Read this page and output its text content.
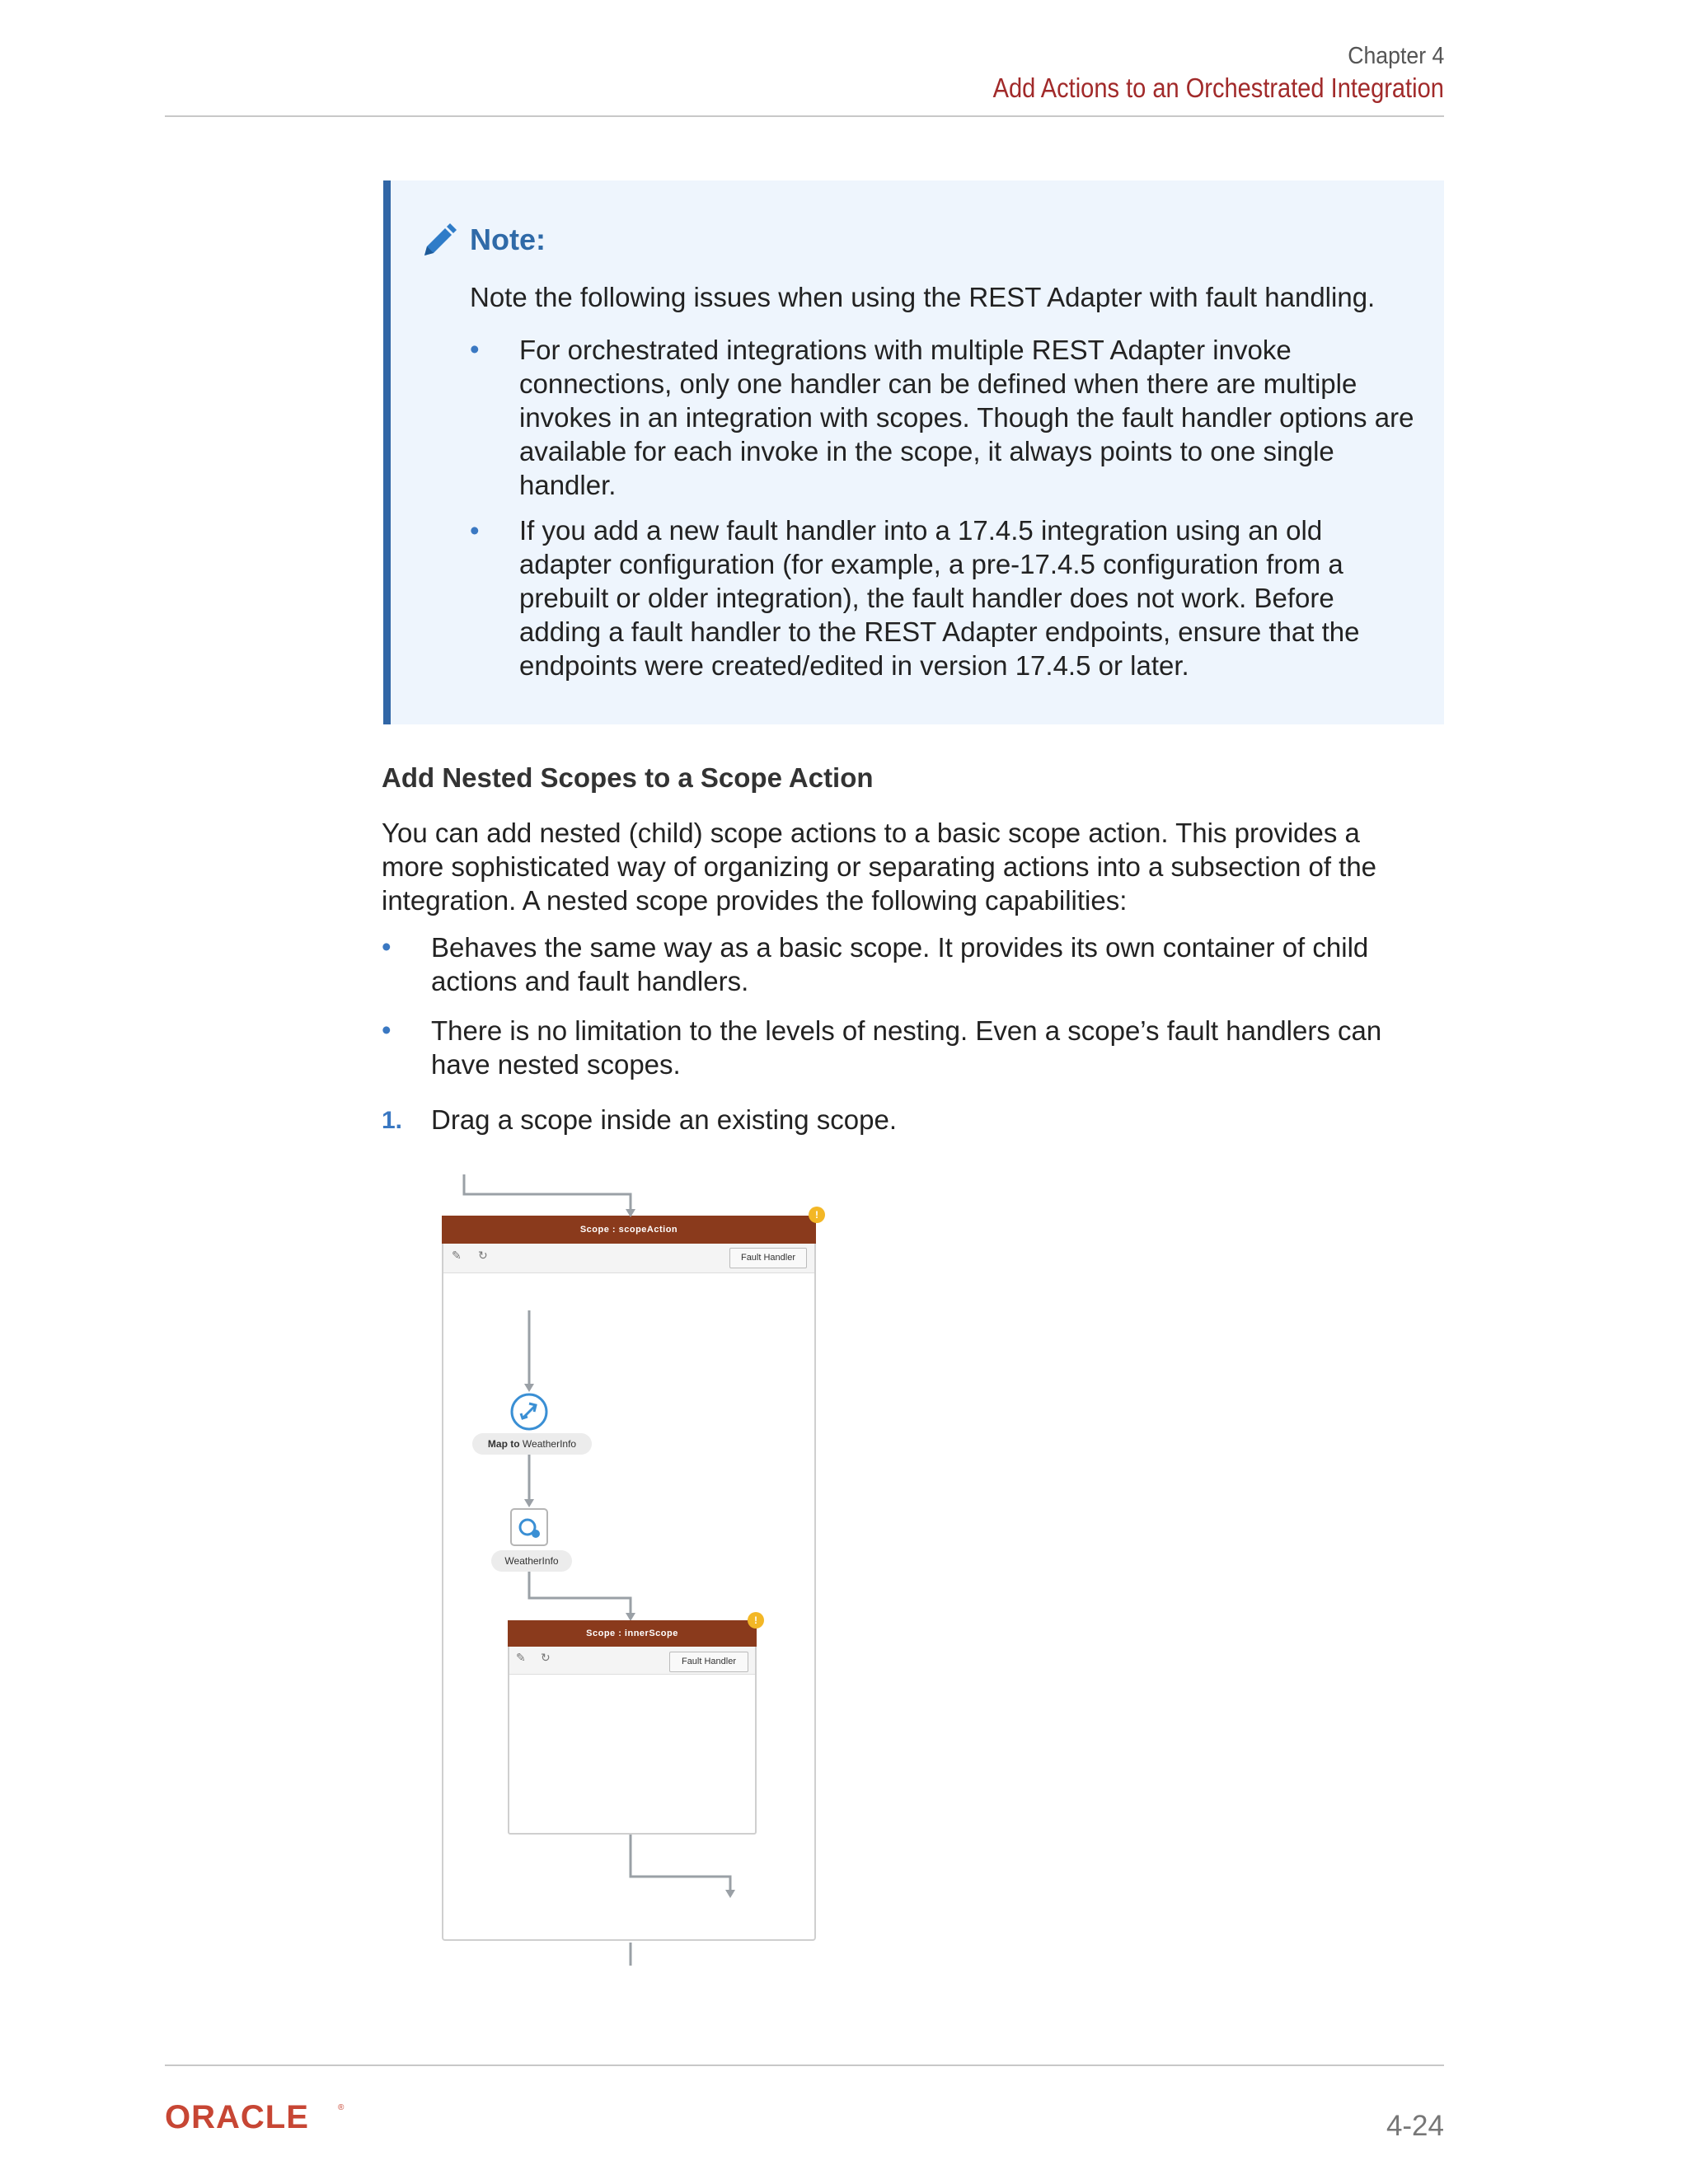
Chapter 4
Add Actions to an Orchestrated Integration
Note:
Note the following issues when using the REST Adapter with fault handling.
• For orchestrated integrations with multiple REST Adapter invoke connections, only one handler can be defined when there are multiple invokes in an integration with scopes. Though the fault handler options are available for each invoke in the scope, it always points to one single handler.
• If you add a new fault handler into a 17.4.5 integration using an old adapter configuration (for example, a pre-17.4.5 configuration from a prebuilt or older integration), the fault handler does not work. Before adding a fault handler to the REST Adapter endpoints, ensure that the endpoints were created/edited in version 17.4.5 or later.
Add Nested Scopes to a Scope Action
You can add nested (child) scope actions to a basic scope action. This provides a more sophisticated way of organizing or separating actions into a subsection of the integration. A nested scope provides the following capabilities:
• Behaves the same way as a basic scope. It provides its own container of child actions and fault handlers.
• There is no limitation to the levels of nesting. Even a scope’s fault handlers can have nested scopes.
1. Drag a scope inside an existing scope.
Scope : scopeAction
!
✎ ↻	Fault Handler
Map to WeatherInfo
WeatherInfo
Scope : innerScope
!
✎ ↻	Fault Handler
ORACLE	®
4-24
